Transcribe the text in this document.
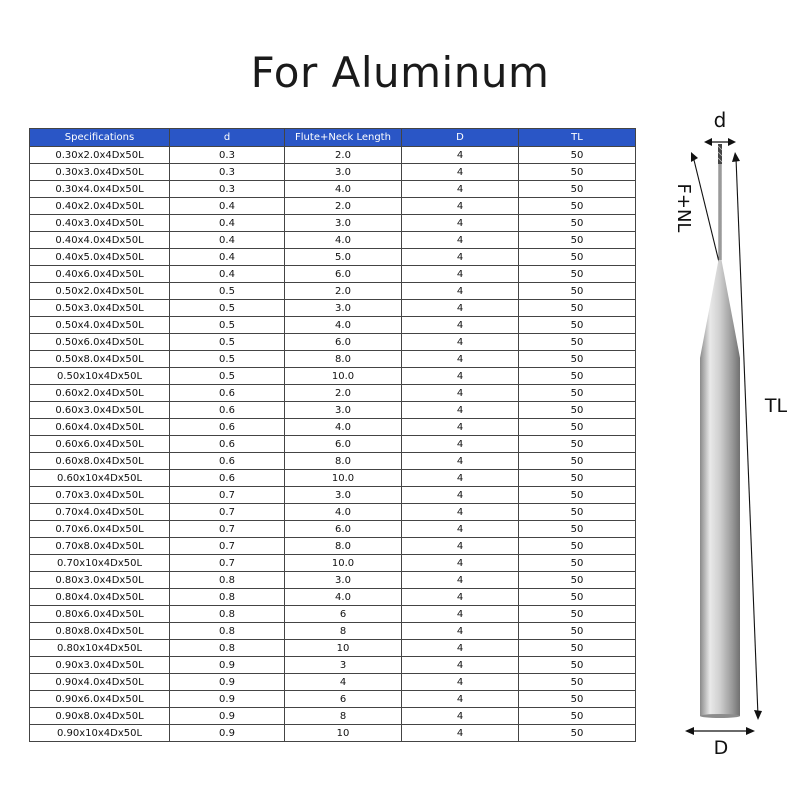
For Aluminum
Specifications	d	Flute+Neck Length	D	TL
0.30x2.0x4Dx50L	0.3	2.0	4	50
0.30x3.0x4Dx50L	0.3	3.0	4	50
0.30x4.0x4Dx50L	0.3	4.0	4	50
0.40x2.0x4Dx50L	0.4	2.0	4	50
0.40x3.0x4Dx50L	0.4	3.0	4	50
0.40x4.0x4Dx50L	0.4	4.0	4	50
0.40x5.0x4Dx50L	0.4	5.0	4	50
0.40x6.0x4Dx50L	0.4	6.0	4	50
0.50x2.0x4Dx50L	0.5	2.0	4	50
0.50x3.0x4Dx50L	0.5	3.0	4	50
0.50x4.0x4Dx50L	0.5	4.0	4	50
0.50x6.0x4Dx50L	0.5	6.0	4	50
0.50x8.0x4Dx50L	0.5	8.0	4	50
0.50x10x4Dx50L	0.5	10.0	4	50
0.60x2.0x4Dx50L	0.6	2.0	4	50
0.60x3.0x4Dx50L	0.6	3.0	4	50
0.60x4.0x4Dx50L	0.6	4.0	4	50
0.60x6.0x4Dx50L	0.6	6.0	4	50
0.60x8.0x4Dx50L	0.6	8.0	4	50
0.60x10x4Dx50L	0.6	10.0	4	50
0.70x3.0x4Dx50L	0.7	3.0	4	50
0.70x4.0x4Dx50L	0.7	4.0	4	50
0.70x6.0x4Dx50L	0.7	6.0	4	50
0.70x8.0x4Dx50L	0.7	8.0	4	50
0.70x10x4Dx50L	0.7	10.0	4	50
0.80x3.0x4Dx50L	0.8	3.0	4	50
0.80x4.0x4Dx50L	0.8	4.0	4	50
0.80x6.0x4Dx50L	0.8	6	4	50
0.80x8.0x4Dx50L	0.8	8	4	50
0.80x10x4Dx50L	0.8	10	4	50
0.90x3.0x4Dx50L	0.9	3	4	50
0.90x4.0x4Dx50L	0.9	4	4	50
0.90x6.0x4Dx50L	0.9	6	4	50
0.90x8.0x4Dx50L	0.9	8	4	50
0.90x10x4Dx50L	0.9	10	4	50
d
F+NL
TL
D
